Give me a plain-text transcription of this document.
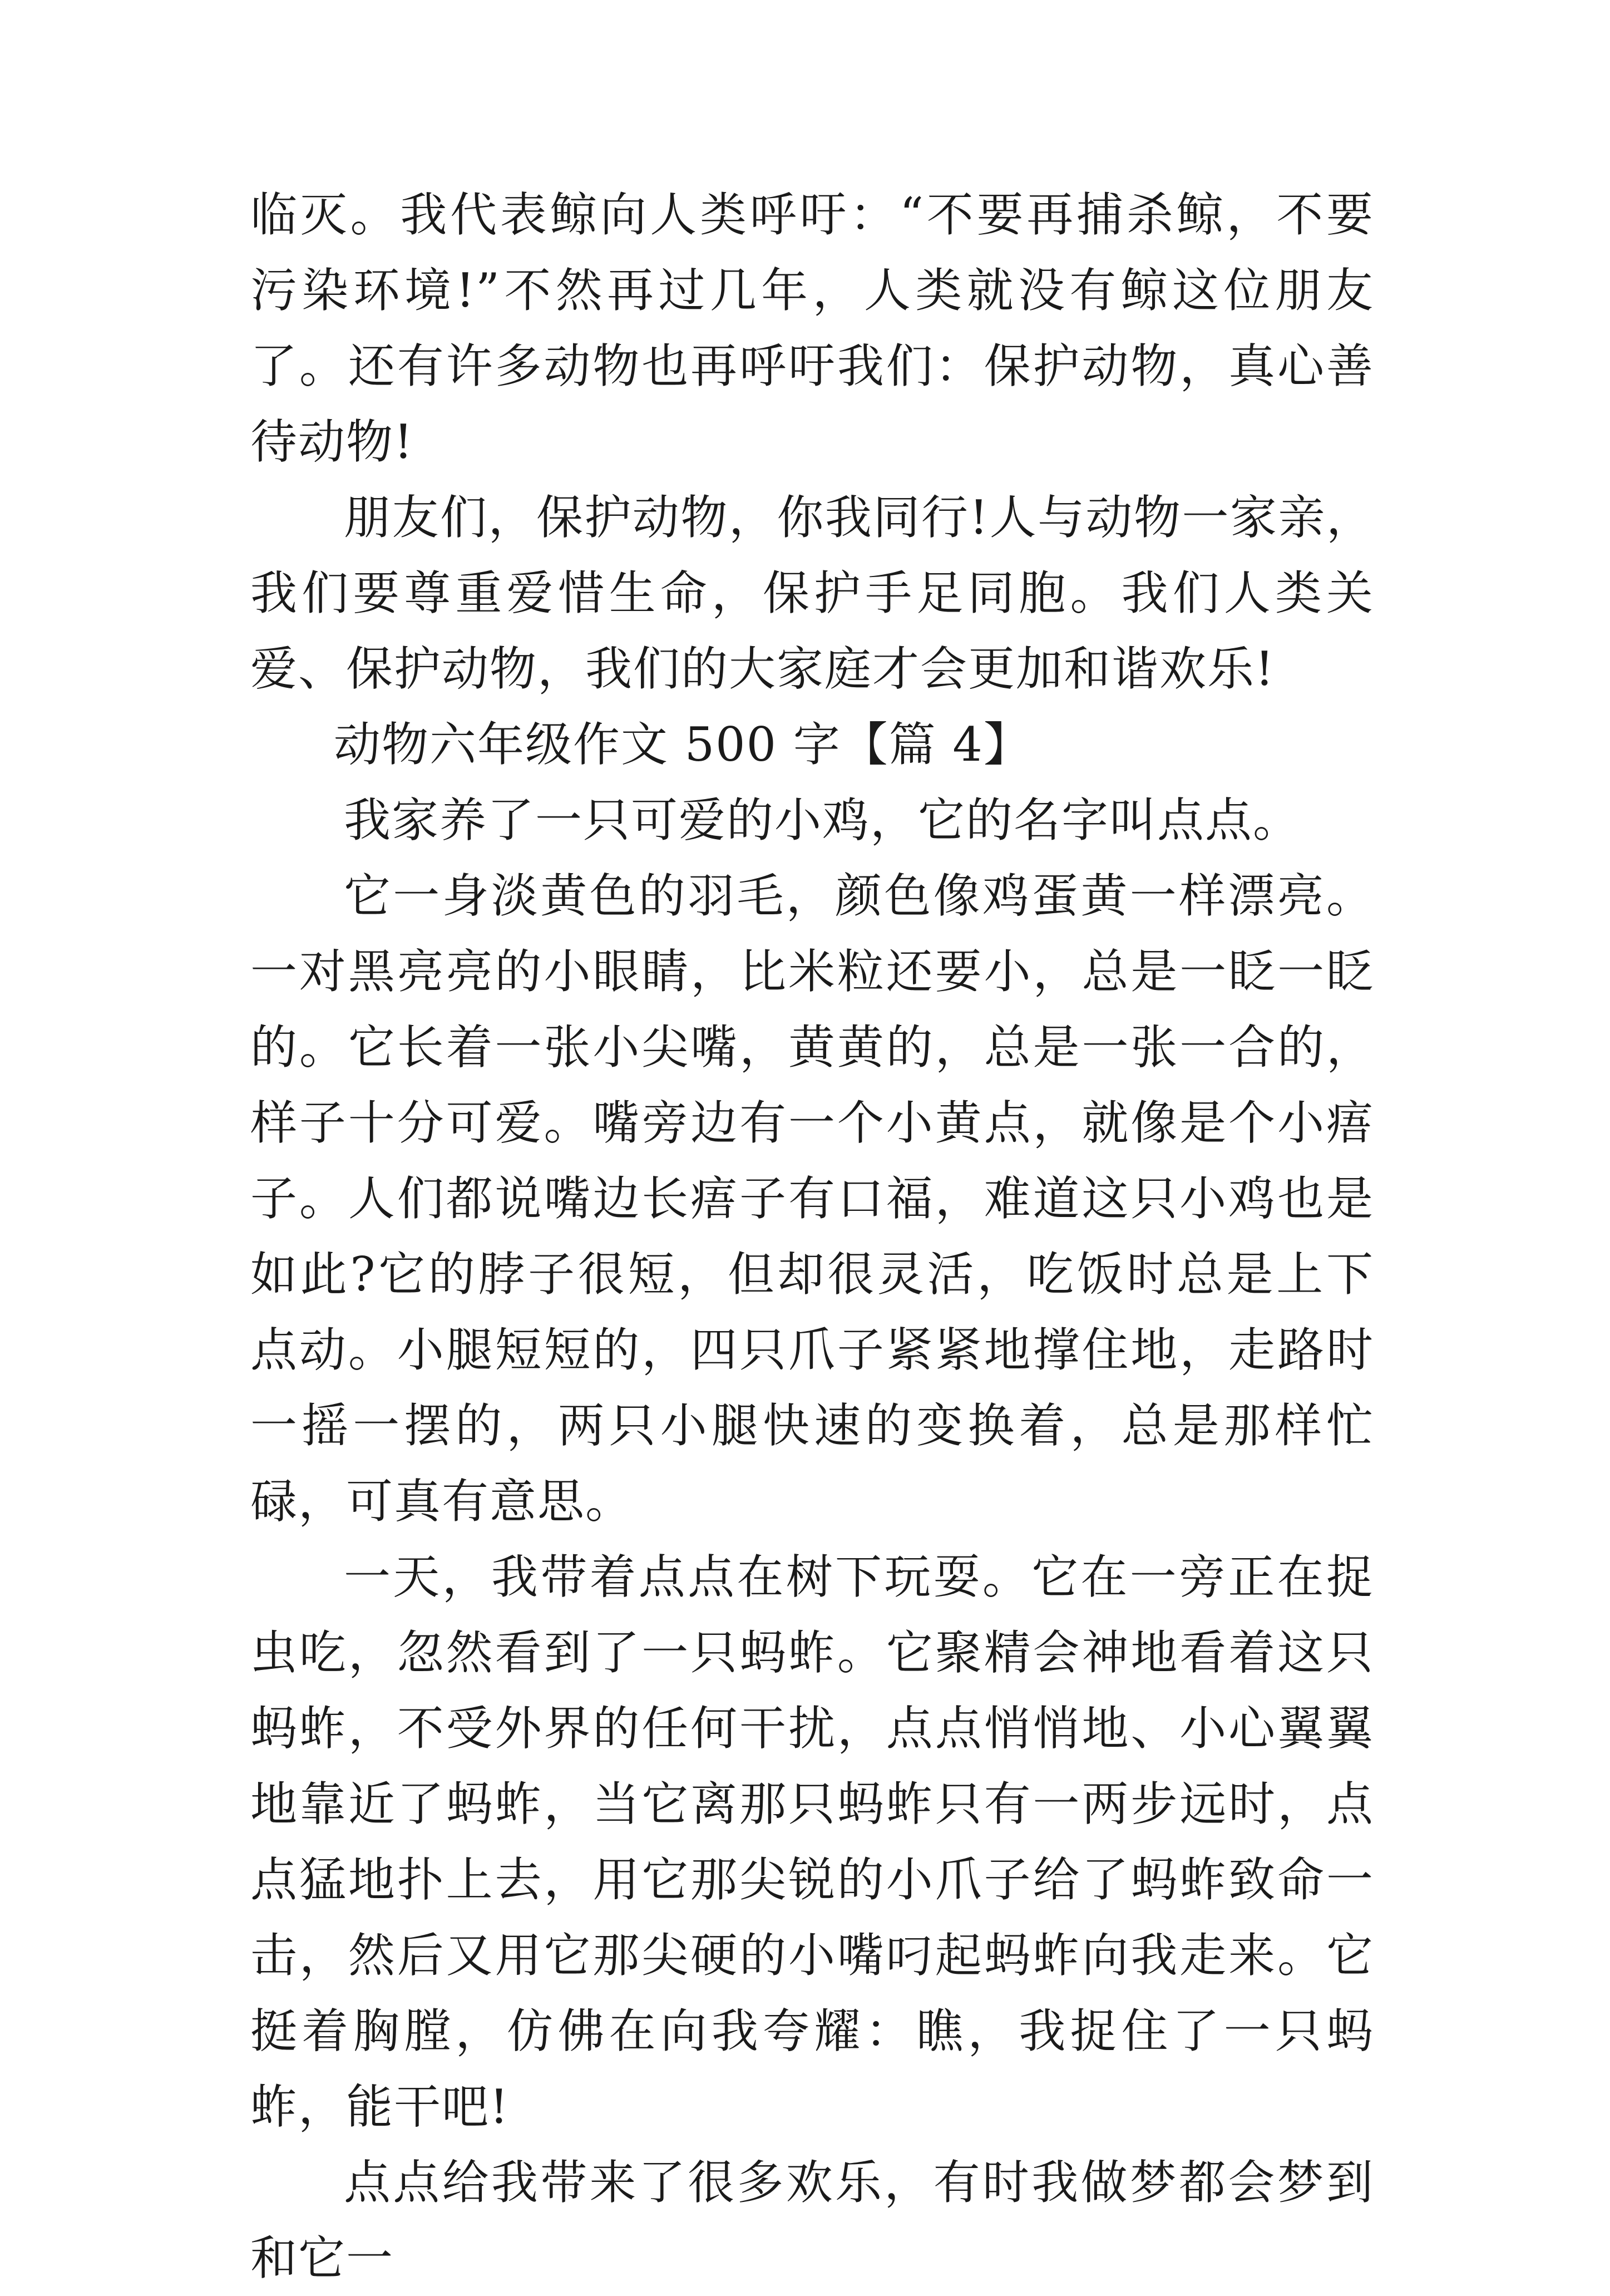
临灭。我代表鲸向人类呼吁：“不要再捕杀鲸，不要污染环境!”不然再过几年，人类就没有鲸这位朋友了。还有许多动物也再呼吁我们：保护动物，真心善待动物!

朋友们，保护动物，你我同行!人与动物一家亲，我们要尊重爱惜生命，保护手足同胞。我们人类关爱、保护动物，我们的大家庭才会更加和谐欢乐!

动物六年级作文 500 字【篇 4】

我家养了一只可爱的小鸡，它的名字叫点点。

它一身淡黄色的羽毛，颜色像鸡蛋黄一样漂亮。一对黑亮亮的小眼睛，比米粒还要小，总是一眨一眨的。它长着一张小尖嘴，黄黄的，总是一张一合的，样子十分可爱。嘴旁边有一个小黄点，就像是个小痦子。人们都说嘴边长痦子有口福，难道这只小鸡也是如此?它的脖子很短，但却很灵活，吃饭时总是上下点动。小腿短短的，四只爪子紧紧地撑住地，走路时一摇一摆的，两只小腿快速的变换着，总是那样忙碌，可真有意思。

一天，我带着点点在树下玩耍。它在一旁正在捉虫吃，忽然看到了一只蚂蚱。它聚精会神地看着这只蚂蚱，不受外界的任何干扰，点点悄悄地、小心翼翼地靠近了蚂蚱，当它离那只蚂蚱只有一两步远时，点点猛地扑上去，用它那尖锐的小爪子给了蚂蚱致命一击，然后又用它那尖硬的小嘴叼起蚂蚱向我走来。它挺着胸膛，仿佛在向我夸耀：瞧，我捉住了一只蚂蚱，能干吧!

点点给我带来了很多欢乐，有时我做梦都会梦到和它一
